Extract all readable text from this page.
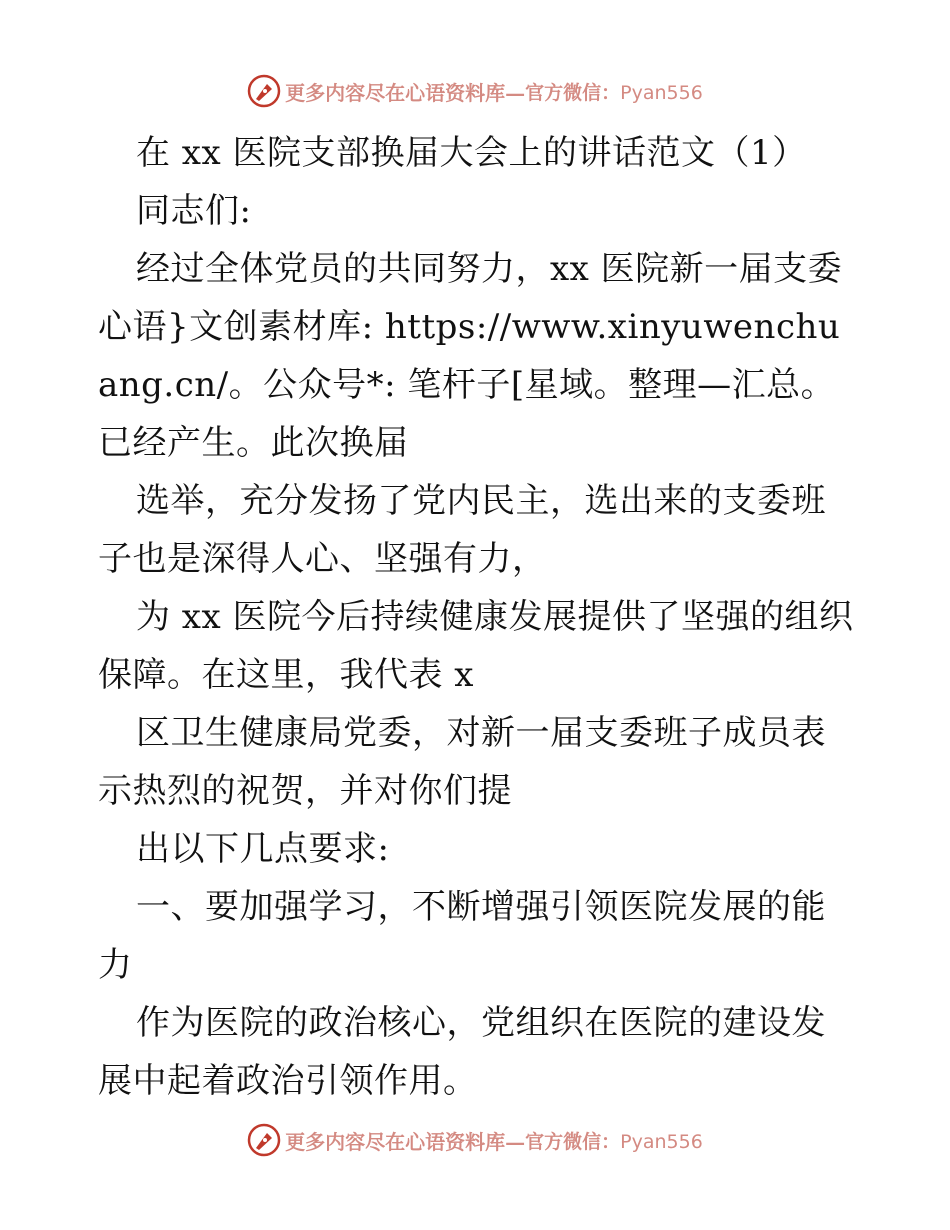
更多内容尽在心语资料库— 官方微信：Pyan556

在 xx 医院支部换届大会上的讲话范文（1）

同志们:

经过全体党员的共同努力，xx 医院新一届支委心语}文创素材库: https://www.xinyuwenchuang.cn/。公众号*: 笔杆子[星域。整理—汇总。已经产生。此次换届

选举，充分发扬了党内民主，选出来的支委班子也是深得人心、坚强有力，

为 xx 医院今后持续健康发展提供了坚强的组织保障。在这里，我代表 x

区卫生健康局党委，对新一届支委班子成员表示热烈的祝贺，并对你们提

出以下几点要求:

一、要加强学习，不断增强引领医院发展的能力

作为医院的政治核心，党组织在医院的建设发展中起着政治引领作用。

更多内容尽在心语资料库— 官方微信：Pyan556
